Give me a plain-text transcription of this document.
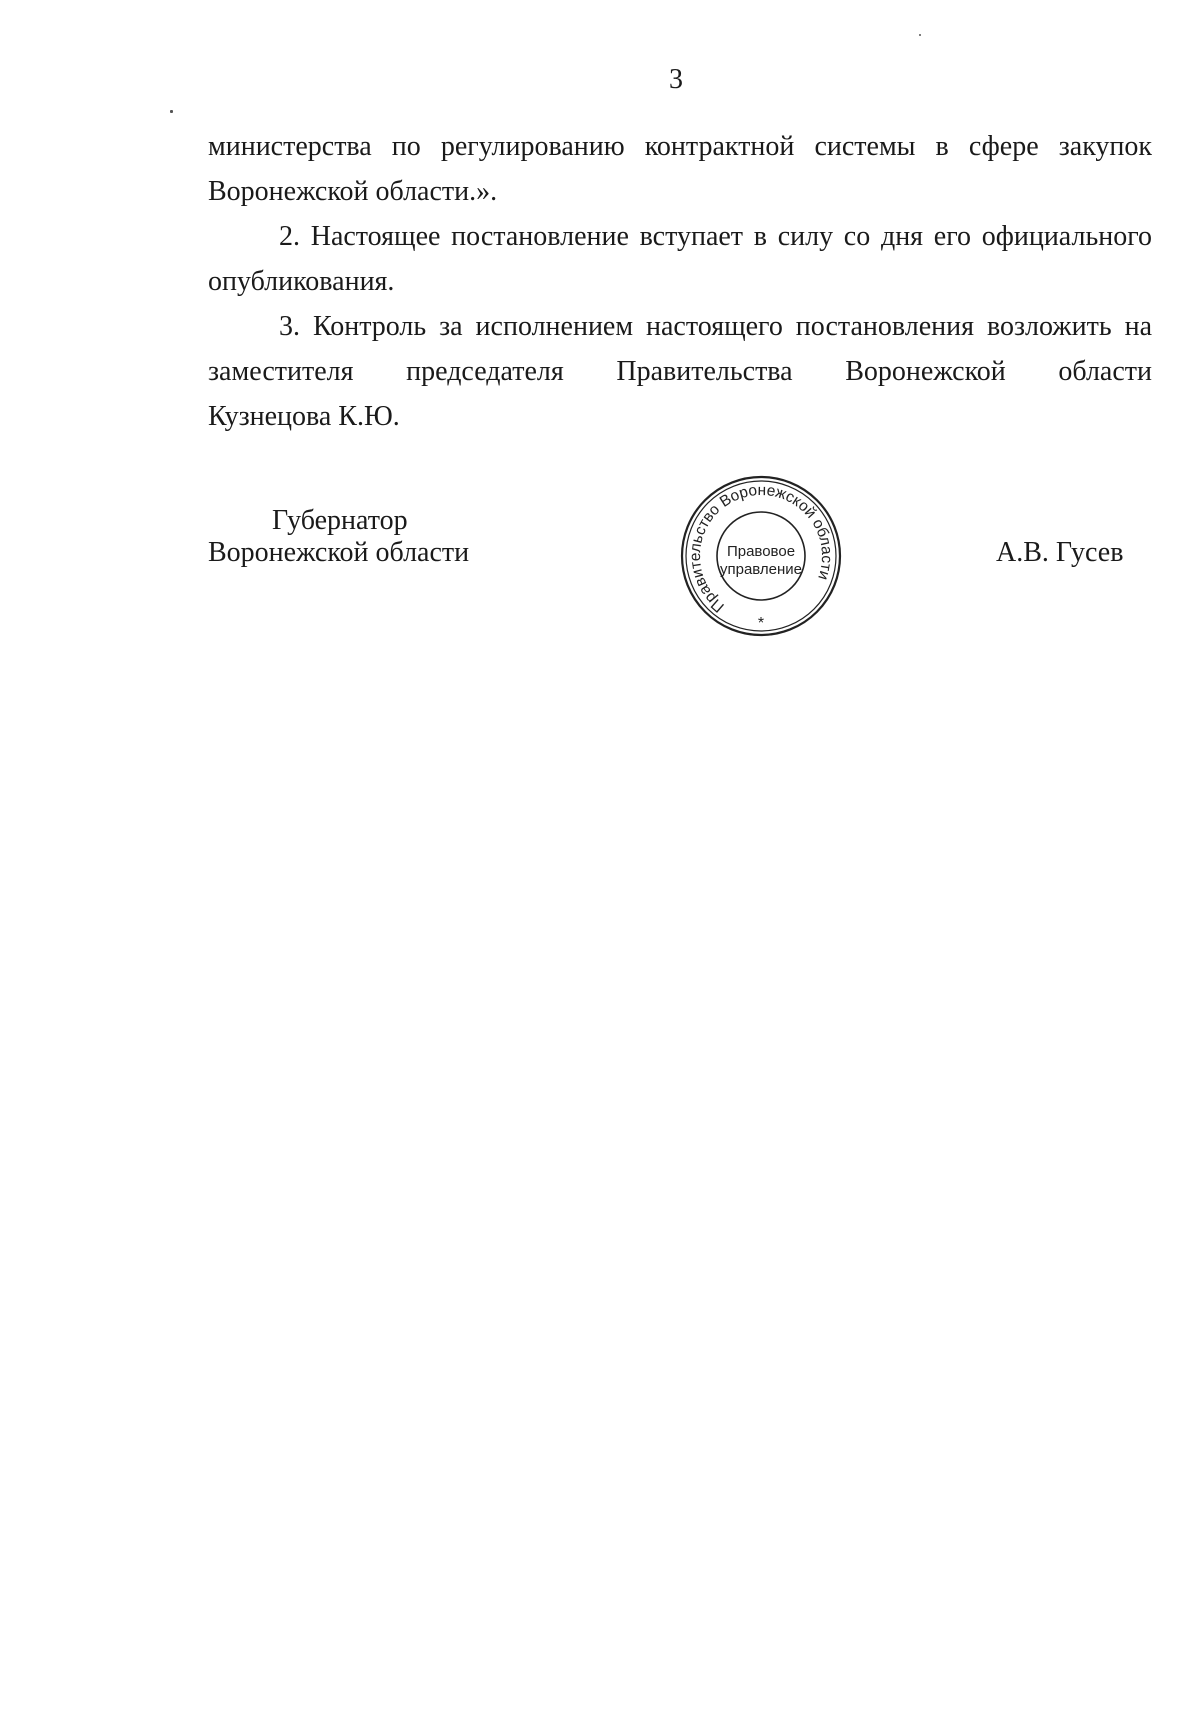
3

министерства по регулированию контрактной системы в сфере закупок Воронежской области.».

2. Настоящее постановление вступает в силу со дня его официального опубликования.

3. Контроль за исполнением настоящего постановления возложить на

заместителя председателя Правительства Воронежской области

Кузнецова К.Ю.

Губернатор
Воронежской области	А.В. Гусев
Правительство Воронежской области
*
Правовое
управление
